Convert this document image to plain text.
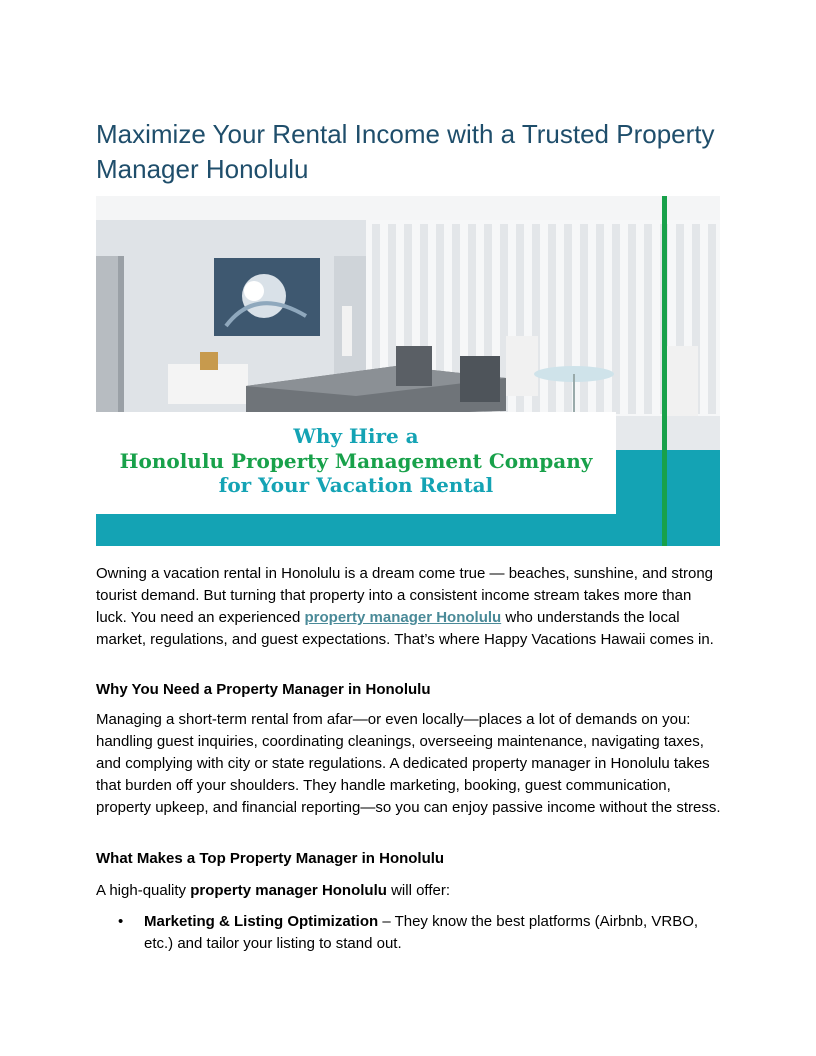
Maximize Your Rental Income with a Trusted Property Manager Honolulu
Why Hire a
Honolulu Property Management Company
for Your Vacation Rental

Owning a vacation rental in Honolulu is a dream come true — beaches, sunshine, and strong tourist demand. But turning that property into a consistent income stream takes more than luck. You need an experienced property manager Honolulu who understands the local market, regulations, and guest expectations. That’s where Happy Vacations Hawaii comes in.

Why You Need a Property Manager in Honolulu

Managing a short-term rental from afar—or even locally—places a lot of demands on you: handling guest inquiries, coordinating cleanings, overseeing maintenance, navigating taxes, and complying with city or state regulations. A dedicated property manager in Honolulu takes that burden off your shoulders. They handle marketing, booking, guest communication, property upkeep, and financial reporting—so you can enjoy passive income without the stress.

What Makes a Top Property Manager in Honolulu

A high-quality property manager Honolulu will offer:

• Marketing & Listing Optimization – They know the best platforms (Airbnb, VRBO, etc.) and tailor your listing to stand out.
